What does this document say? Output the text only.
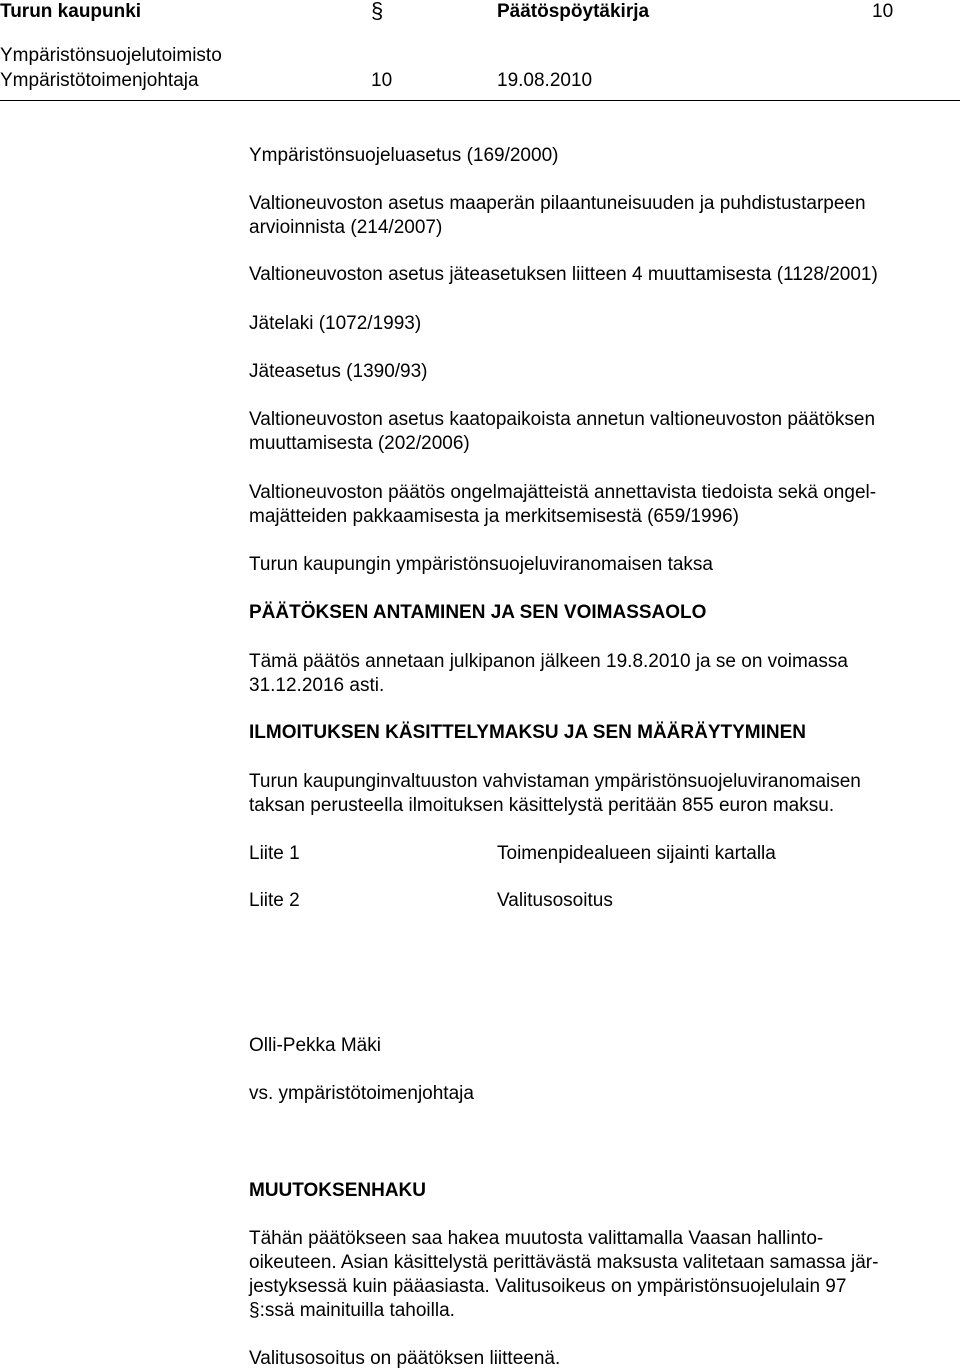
Turun kaupunki	§	Päätöspöytäkirja	10
Ympäristönsuojelutoimisto
Ympäristötoimenjohtaja	10	19.08.2010
Ympäristönsuojeluasetus (169/2000)
Valtioneuvoston asetus maaperän pilaantuneisuuden ja puhdistustarpeen
arvioinnista (214/2007)
Valtioneuvoston asetus jäteasetuksen liitteen 4 muuttamisesta (1128/2001)
Jätelaki (1072/1993)
Jäteasetus (1390/93)
Valtioneuvoston asetus kaatopaikoista annetun valtioneuvoston päätöksen
muuttamisesta (202/2006)
Valtioneuvoston päätös ongelmajätteistä annettavista tiedoista sekä ongel-
majätteiden pakkaamisesta ja merkitsemisestä (659/1996)
Turun kaupungin ympäristönsuojeluviranomaisen taksa
PÄÄTÖKSEN ANTAMINEN JA SEN VOIMASSAOLO
Tämä päätös annetaan julkipanon jälkeen 19.8.2010 ja se on voimassa
31.12.2016 asti.
ILMOITUKSEN KÄSITTELYMAKSU JA SEN MÄÄRÄYTYMINEN
Turun kaupunginvaltuuston vahvistaman ympäristönsuojeluviranomaisen
taksan perusteella ilmoituksen käsittelystä peritään 855 euron maksu.
Liite 1	Toimenpidealueen sijainti kartalla
Liite 2	Valitusosoitus
Olli-Pekka Mäki
vs. ympäristötoimenjohtaja
MUUTOKSENHAKU
Tähän päätökseen saa hakea muutosta valittamalla Vaasan hallinto-
oikeuteen. Asian käsittelystä perittävästä maksusta valitetaan samassa jär-
jestyksessä kuin pääasiasta. Valitusoikeus on ympäristönsuojelulain 97
§:ssä mainituilla tahoilla.
Valitusosoitus on päätöksen liitteenä.
